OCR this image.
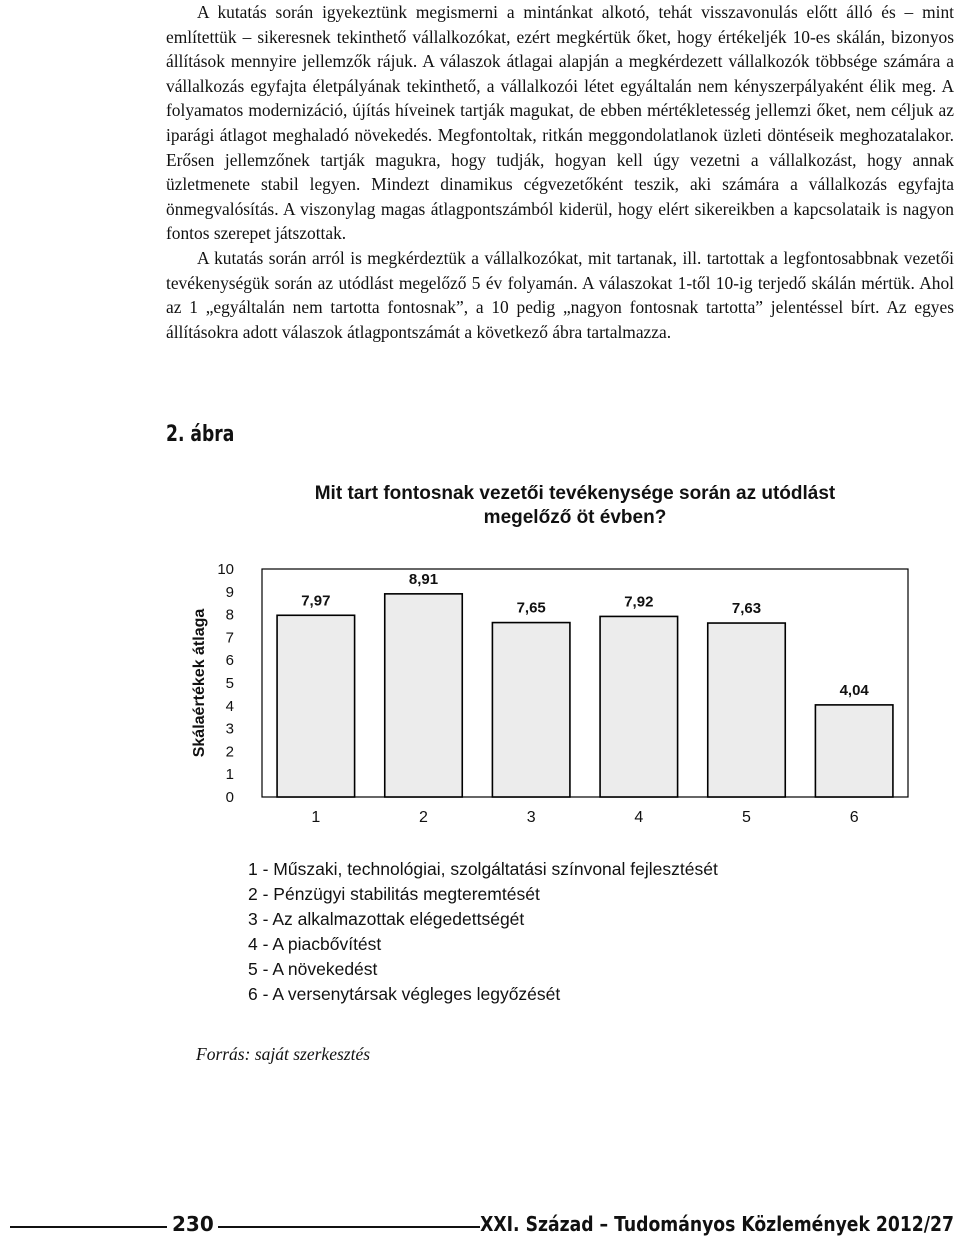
A kutatás során igyekeztünk megismerni a mintánkat alkotó, tehát visszavonulás előtt álló és – mint említettük – sikeresnek tekinthető vállalkozókat, ezért megkértük őket, hogy értékeljék 10-es skálán, bizonyos állítások mennyire jellemzők rájuk. A válaszok átlagai alapján a megkérdezett vállalkozók többsége számára a vállalkozás egyfajta életpályának tekinthető, a vállalkozói létet egyáltalán nem kényszerpályaként élik meg. A folyamatos modernizáció, újítás híveinek tartják magukat, de ebben mértékletesség jellemzi őket, nem céljuk az iparági átlagot meghaladó növekedés. Megfontoltak, ritkán meggondolatlanok üzleti döntéseik meghozatalakor. Erősen jellemzőnek tartják magukra, hogy tudják, hogyan kell úgy vezetni a vállalkozást, hogy annak üzletmenete stabil legyen. Mindezt dinamikus cégvezetőként teszik, aki számára a vállalkozás egyfajta önmegvalósítás. A viszonylag magas átlagpontszámból kiderül, hogy elért sikereikben a kapcsolataik is nagyon fontos szerepet játszottak.

A kutatás során arról is megkérdeztük a vállalkozókat, mit tartanak, ill. tartottak a legfontosabbnak vezetői tevékenységük során az utódlást megelőző 5 év folyamán. A válaszokat 1-től 10-ig terjedő skálán mértük. Ahol az 1 „egyáltalán nem tartotta fontosnak”, a 10 pedig „nagyon fontosnak tartotta” jelentéssel bírt. Az egyes állításokra adott válaszok átlagpontszámát a következő ábra tartalmazza.

2. ábra
Mit tart fontosnak vezetői tevékenysége során az utódlást megelőző öt évben?
0
1
2
3
4
5
6
7
8
9
10
Skálaértékek átlaga
7,97
1
8,91
2
7,65
3
7,92
4
7,63
5
4,04
6
1 - Műszaki, technológiai, szolgáltatási színvonal fejlesztését
2 - Pénzügyi stabilitás megteremtését
3 - Az alkalmazottak elégedettségét
4 - A piacbővítést
5 - A növekedést
6 - A versenytársak végleges legyőzését
Forrás: saját szerkesztés
230	XXI. Század – Tudományos Közlemények 2012/27
